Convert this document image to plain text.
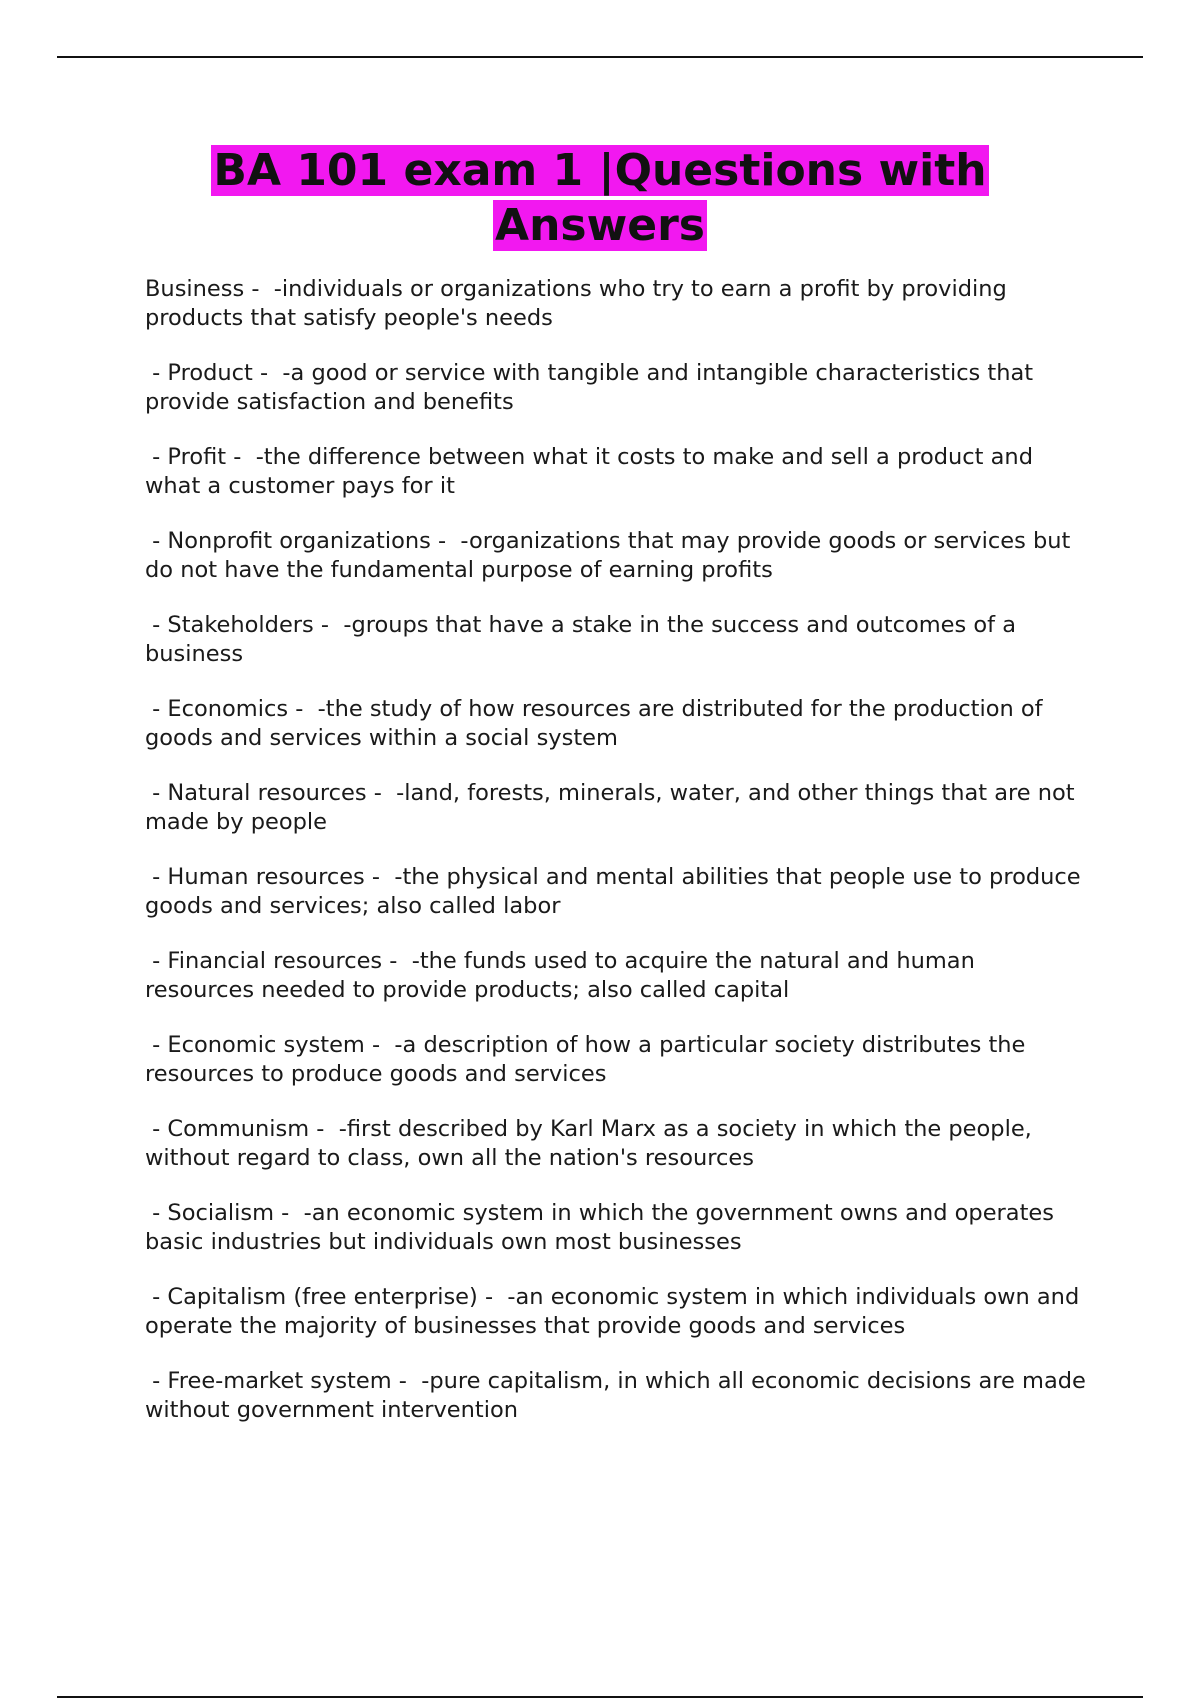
BA 101 exam 1 |Questions with Answers

Business -  -individuals or organizations who try to earn a profit by providing products that satisfy people's needs

- Product -  -a good or service with tangible and intangible characteristics that provide satisfaction and benefits

- Profit -  -the difference between what it costs to make and sell a product and what a customer pays for it

- Nonprofit organizations -  -organizations that may provide goods or services but do not have the fundamental purpose of earning profits

- Stakeholders -  -groups that have a stake in the success and outcomes of a business

- Economics -  -the study of how resources are distributed for the production of goods and services within a social system

- Natural resources -  -land, forests, minerals, water, and other things that are not made by people

- Human resources -  -the physical and mental abilities that people use to produce goods and services; also called labor

- Financial resources -  -the funds used to acquire the natural and human resources needed to provide products; also called capital

- Economic system -  -a description of how a particular society distributes the resources to produce goods and services

- Communism -  -first described by Karl Marx as a society in which the people, without regard to class, own all the nation's resources

- Socialism -  -an economic system in which the government owns and operates basic industries but individuals own most businesses

- Capitalism (free enterprise) -  -an economic system in which individuals own and operate the majority of businesses that provide goods and services

- Free-market system -  -pure capitalism, in which all economic decisions are made without government intervention
